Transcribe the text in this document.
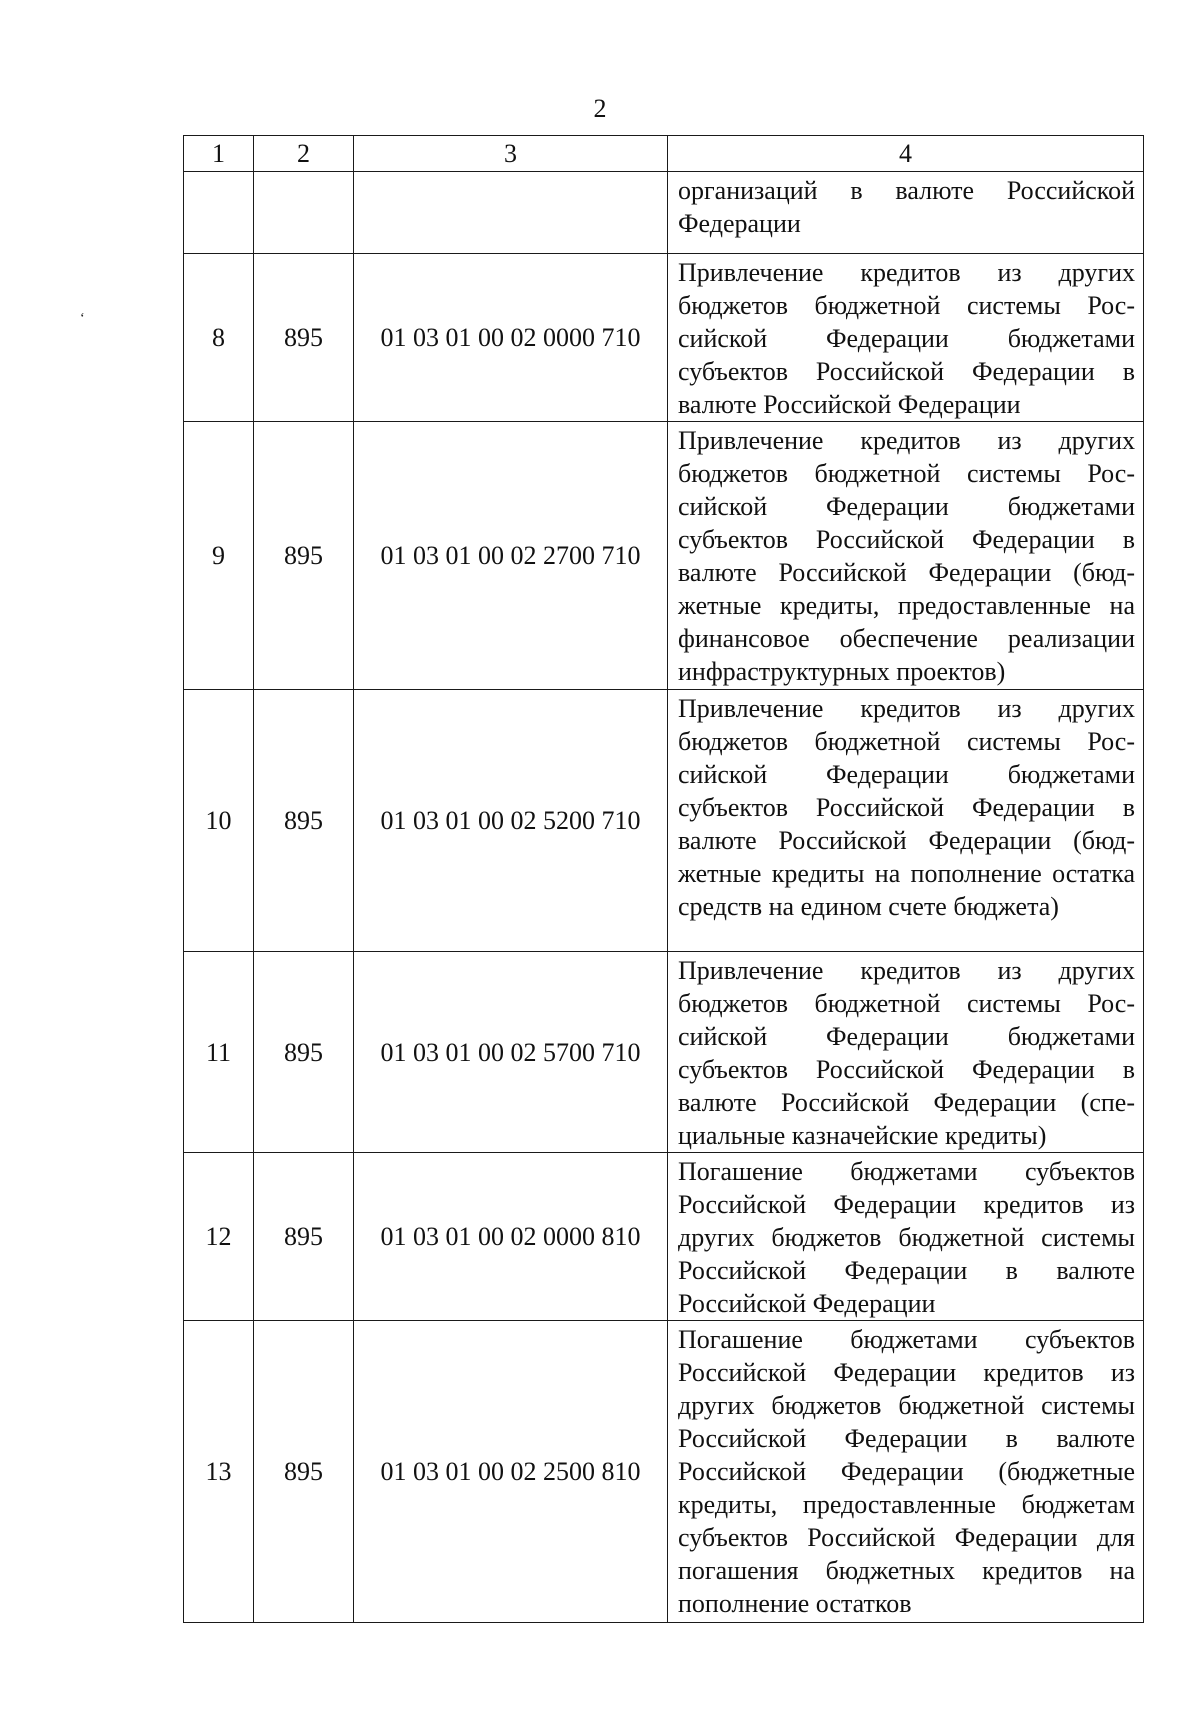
2
‘
1	2	3	4

			организаций в валюте Российской Федерации

8	895	01 03 01 00 02 0000 710	Привлечение кредитов из других бюджетов бюджетной системы Российской Федерации бюджетами субъектов Российской Федерации в валюте Российской Федерации

9	895	01 03 01 00 02 2700 710	Привлечение кредитов из других бюджетов бюджетной системы Российской Федерации бюджетами субъектов Российской Федерации в валюте Российской Федерации (бюджетные кредиты, предоставленные на финансовое обеспечение реализации инфраструктурных проектов)

10	895	01 03 01 00 02 5200 710	Привлечение кредитов из других бюджетов бюджетной системы Российской Федерации бюджетами субъектов Российской Федерации в валюте Российской Федерации (бюджетные кредиты на пополнение остатка средств на едином счете бюджета)

11	895	01 03 01 00 02 5700 710	Привлечение кредитов из других бюджетов бюджетной системы Российской Федерации бюджетами субъектов Российской Федерации в валюте Российской Федерации (специальные казначейские кредиты)

12	895	01 03 01 00 02 0000 810	Погашение бюджетами субъектов Российской Федерации кредитов из других бюджетов бюджетной системы Российской Федерации в валюте Российской Федерации

13	895	01 03 01 00 02 2500 810	Погашение бюджетами субъектов Российской Федерации кредитов из других бюджетов бюджетной системы Российской Федерации в валюте Российской Федерации (бюджетные кредиты, предоставленные бюджетам субъектов Российской Федерации для погашения бюджетных кредитов на пополнение остатков
